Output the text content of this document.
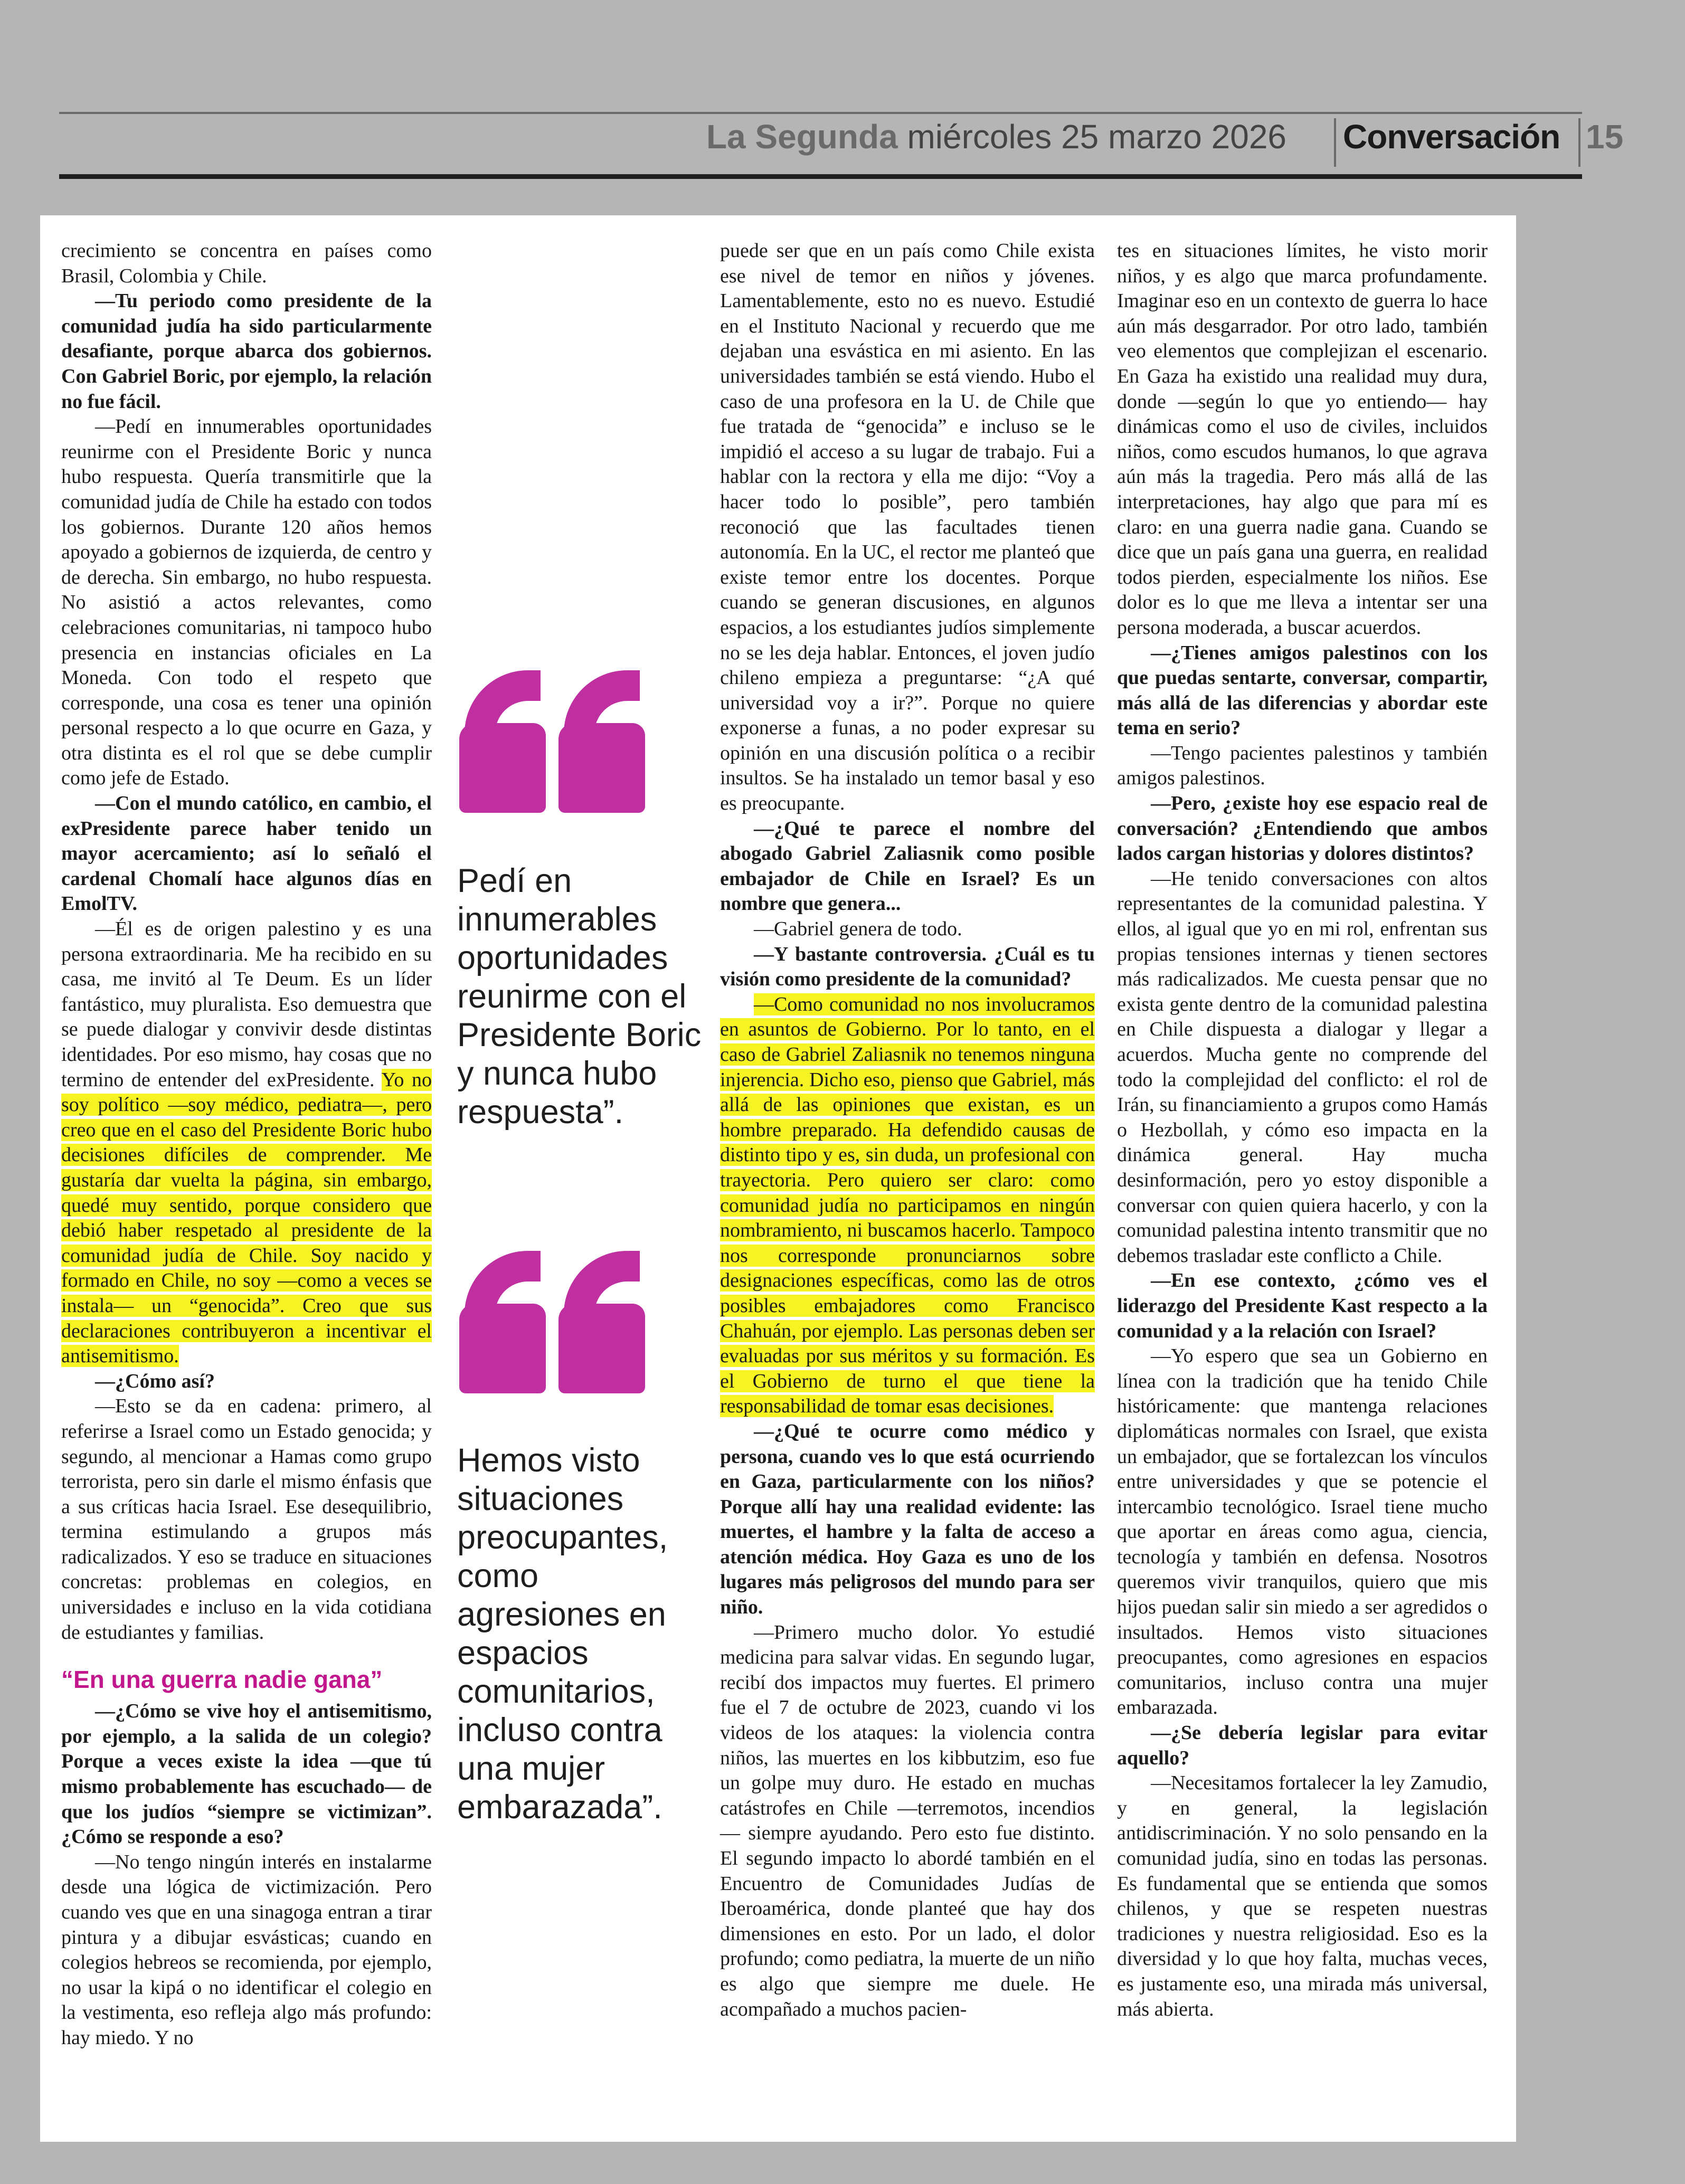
La Segunda miércoles 25 marzo 2026 Conversación 15

crecimiento se concentra en países como Brasil, Colombia y Chile.

—Tu periodo como presidente de la comunidad judía ha sido particularmente desafiante, porque abarca dos gobiernos. Con Gabriel Boric, por ejemplo, la relación no fue fácil.

—Pedí en innumerables oportunidades reunirme con el Presidente Boric y nunca hubo respuesta. Quería transmitirle que la comunidad judía de Chile ha estado con todos los gobiernos. Durante 120 años hemos apoyado a gobiernos de izquierda, de centro y de derecha. Sin embargo, no hubo respuesta. No asistió a actos relevantes, como celebraciones comunitarias, ni tampoco hubo presencia en instancias oficiales en La Moneda. Con todo el respeto que corresponde, una cosa es tener una opinión personal respecto a lo que ocurre en Gaza, y otra distinta es el rol que se debe cumplir como jefe de Estado.

—Con el mundo católico, en cambio, el exPresidente parece haber tenido un mayor acercamiento; así lo señaló el cardenal Chomalí hace algunos días en EmolTV.

—Él es de origen palestino y es una persona extraordinaria. Me ha recibido en su casa, me invitó al Te Deum. Es un líder fantástico, muy pluralista. Eso demuestra que se puede dialogar y convivir desde distintas identidades. Por eso mismo, hay cosas que no termino de entender del exPresidente. Yo no soy político —soy médico, pediatra—, pero creo que en el caso del Presidente Boric hubo decisiones difíciles de comprender. Me gustaría dar vuelta la página, sin embargo, quedé muy sentido, porque considero que debió haber respetado al presidente de la comunidad judía de Chile. Soy nacido y formado en Chile, no soy —como a veces se instala— un “genocida”. Creo que sus declaraciones contribuyeron a incentivar el antisemitismo.

—¿Cómo así?

—Esto se da en cadena: primero, al referirse a Israel como un Estado genocida; y segundo, al mencionar a Hamas como grupo terrorista, pero sin darle el mismo énfasis que a sus críticas hacia Israel. Ese desequilibrio, termina estimulando a grupos más radicalizados. Y eso se traduce en situaciones concretas: problemas en colegios, en universidades e incluso en la vida cotidiana de estudiantes y familias.

“En una guerra nadie gana”

—¿Cómo se vive hoy el antisemitismo, por ejemplo, a la salida de un colegio? Porque a veces existe la idea —que tú mismo probablemente has escuchado— de que los judíos “siempre se victimizan”. ¿Cómo se responde a eso?

—No tengo ningún interés en instalarme desde una lógica de victimización. Pero cuando ves que en una sinagoga entran a tirar pintura y a dibujar esvásticas; cuando en colegios hebreos se recomienda, por ejemplo, no usar la kipá o no identificar el colegio en la vestimenta, eso refleja algo más profundo: hay miedo. Y no

Pedí en innumerables oportunidades reunirme con el Presidente Boric y nunca hubo respuesta”.
Hemos visto situaciones preocupantes, como agresiones en espacios comunitarios, incluso contra una mujer embarazada”.

puede ser que en un país como Chile exista ese nivel de temor en niños y jóvenes. Lamentablemente, esto no es nuevo. Estudié en el Instituto Nacional y recuerdo que me dejaban una esvástica en mi asiento. En las universidades también se está viendo. Hubo el caso de una profesora en la U. de Chile que fue tratada de “genocida” e incluso se le impidió el acceso a su lugar de trabajo. Fui a hablar con la rectora y ella me dijo: “Voy a hacer todo lo posible”, pero también reconoció que las facultades tienen autonomía. En la UC, el rector me planteó que existe temor entre los docentes. Porque cuando se generan discusiones, en algunos espacios, a los estudiantes judíos simplemente no se les deja hablar. Entonces, el joven judío chileno empieza a preguntarse: “¿A qué universidad voy a ir?”. Porque no quiere exponerse a funas, a no poder expresar su opinión en una discusión política o a recibir insultos. Se ha instalado un temor basal y eso es preocupante.

—¿Qué te parece el nombre del abogado Gabriel Zaliasnik como posible embajador de Chile en Israel? Es un nombre que genera...

—Gabriel genera de todo.

—Y bastante controversia. ¿Cuál es tu visión como presidente de la comunidad?

—Como comunidad no nos involucramos en asuntos de Gobierno. Por lo tanto, en el caso de Gabriel Zaliasnik no tenemos ninguna injerencia. Dicho eso, pienso que Gabriel, más allá de las opiniones que existan, es un hombre preparado. Ha defendido causas de distinto tipo y es, sin duda, un profesional con trayectoria. Pero quiero ser claro: como comunidad judía no participamos en ningún nombramiento, ni buscamos hacerlo. Tampoco nos corresponde pronunciarnos sobre designaciones específicas, como las de otros posibles embajadores como Francisco Chahuán, por ejemplo. Las personas deben ser evaluadas por sus méritos y su formación. Es el Gobierno de turno el que tiene la responsabilidad de tomar esas decisiones.

—¿Qué te ocurre como médico y persona, cuando ves lo que está ocurriendo en Gaza, particularmente con los niños? Porque allí hay una realidad evidente: las muertes, el hambre y la falta de acceso a atención médica. Hoy Gaza es uno de los lugares más peligrosos del mundo para ser niño.

—Primero mucho dolor. Yo estudié medicina para salvar vidas. En segundo lugar, recibí dos impactos muy fuertes. El primero fue el 7 de octubre de 2023, cuando vi los videos de los ataques: la violencia contra niños, las muertes en los kibbutzim, eso fue un golpe muy duro. He estado en muchas catástrofes en Chile —terremotos, incendios— siempre ayudando. Pero esto fue distinto. El segundo impacto lo abordé también en el Encuentro de Comunidades Judías de Iberoamérica, donde planteé que hay dos dimensiones en esto. Por un lado, el dolor profundo; como pediatra, la muerte de un niño es algo que siempre me duele. He acompañado a muchos pacien-

tes en situaciones límites, he visto morir niños, y es algo que marca profundamente. Imaginar eso en un contexto de guerra lo hace aún más desgarrador. Por otro lado, también veo elementos que complejizan el escenario. En Gaza ha existido una realidad muy dura, donde —según lo que yo entiendo— hay dinámicas como el uso de civiles, incluidos niños, como escudos humanos, lo que agrava aún más la tragedia. Pero más allá de las interpretaciones, hay algo que para mí es claro: en una guerra nadie gana. Cuando se dice que un país gana una guerra, en realidad todos pierden, especialmente los niños. Ese dolor es lo que me lleva a intentar ser una persona moderada, a buscar acuerdos.

—¿Tienes amigos palestinos con los que puedas sentarte, conversar, compartir, más allá de las diferencias y abordar este tema en serio?

—Tengo pacientes palestinos y también amigos palestinos.

—Pero, ¿existe hoy ese espacio real de conversación? ¿Entendiendo que ambos lados cargan historias y dolores distintos?

—He tenido conversaciones con altos representantes de la comunidad palestina. Y ellos, al igual que yo en mi rol, enfrentan sus propias tensiones internas y tienen sectores más radicalizados. Me cuesta pensar que no exista gente dentro de la comunidad palestina en Chile dispuesta a dialogar y llegar a acuerdos. Mucha gente no comprende del todo la complejidad del conflicto: el rol de Irán, su financiamiento a grupos como Hamás o Hezbollah, y cómo eso impacta en la dinámica general. Hay mucha desinformación, pero yo estoy disponible a conversar con quien quiera hacerlo, y con la comunidad palestina intento transmitir que no debemos trasladar este conflicto a Chile.

—En ese contexto, ¿cómo ves el liderazgo del Presidente Kast respecto a la comunidad y a la relación con Israel?

—Yo espero que sea un Gobierno en línea con la tradición que ha tenido Chile históricamente: que mantenga relaciones diplomáticas normales con Israel, que exista un embajador, que se fortalezcan los vínculos entre universidades y que se potencie el intercambio tecnológico. Israel tiene mucho que aportar en áreas como agua, ciencia, tecnología y también en defensa. Nosotros queremos vivir tranquilos, quiero que mis hijos puedan salir sin miedo a ser agredidos o insultados. Hemos visto situaciones preocupantes, como agresiones en espacios comunitarios, incluso contra una mujer embarazada.

—¿Se debería legislar para evitar aquello?

—Necesitamos fortalecer la ley Zamudio, y en general, la legislación antidiscriminación. Y no solo pensando en la comunidad judía, sino en todas las personas. Es fundamental que se entienda que somos chilenos, y que se respeten nuestras tradiciones y nuestra religiosidad. Eso es la diversidad y lo que hoy falta, muchas veces, es justamente eso, una mirada más universal, más abierta.
